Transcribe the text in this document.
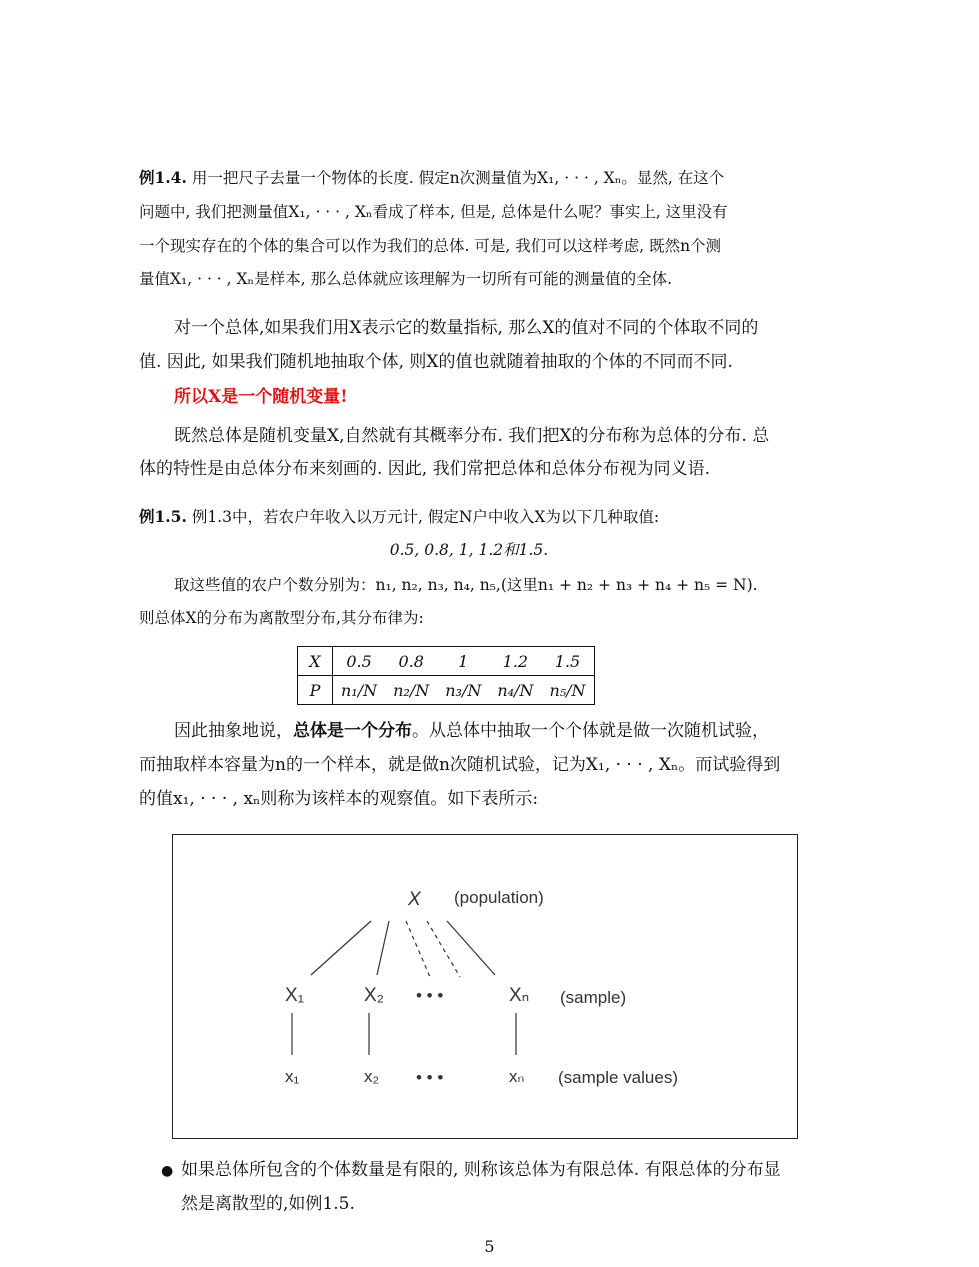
例1.4. 用一把尺子去量一个物体的长度. 假定n次测量值为X₁, · · · , Xₙ。显然, 在这个
问题中, 我们把测量值X₁, · · · , Xₙ看成了样本, 但是, 总体是什么呢？事实上, 这里没有
一个现实存在的个体的集合可以作为我们的总体. 可是, 我们可以这样考虑, 既然n个测
量值X₁, · · · , Xₙ是样本, 那么总体就应该理解为一切所有可能的测量值的全体.
对一个总体,如果我们用X表示它的数量指标, 那么X的值对不同的个体取不同的
值. 因此, 如果我们随机地抽取个体, 则X的值也就随着抽取的个体的不同而不同.
所以X是一个随机变量!
既然总体是随机变量X,自然就有其概率分布. 我们把X的分布称为总体的分布. 总
体的特性是由总体分布来刻画的. 因此, 我们常把总体和总体分布视为同义语.
例1.5. 例1.3中，若农户年收入以万元计, 假定N户中收入X为以下几种取值:
0.5, 0.8, 1, 1.2和1.5.
取这些值的农户个数分别为：n₁, n₂, n₃, n₄, n₅,(这里n₁ + n₂ + n₃ + n₄ + n₅ = N).
则总体X的分布为离散型分布,其分布律为:
X	0.5	0.8	1	1.2	1.5
P	n₁/N	n₂/N	n₃/N	n₄/N	n₅/N
因此抽象地说，总体是一个分布。从总体中抽取一个个体就是做一次随机试验，
而抽取样本容量为n的一个样本，就是做n次随机试验，记为X₁, · · · , Xₙ。而试验得到
的值x₁, · · · , xₙ则称为该样本的观察值。如下表所示:
X (population)
X₁	X₂ • • •	Xₙ (sample)
x₁	x₂ • • •	xₙ (sample values)
● 如果总体所包含的个体数量是有限的, 则称该总体为有限总体. 有限总体的分布显
然是离散型的,如例1.5.
5
